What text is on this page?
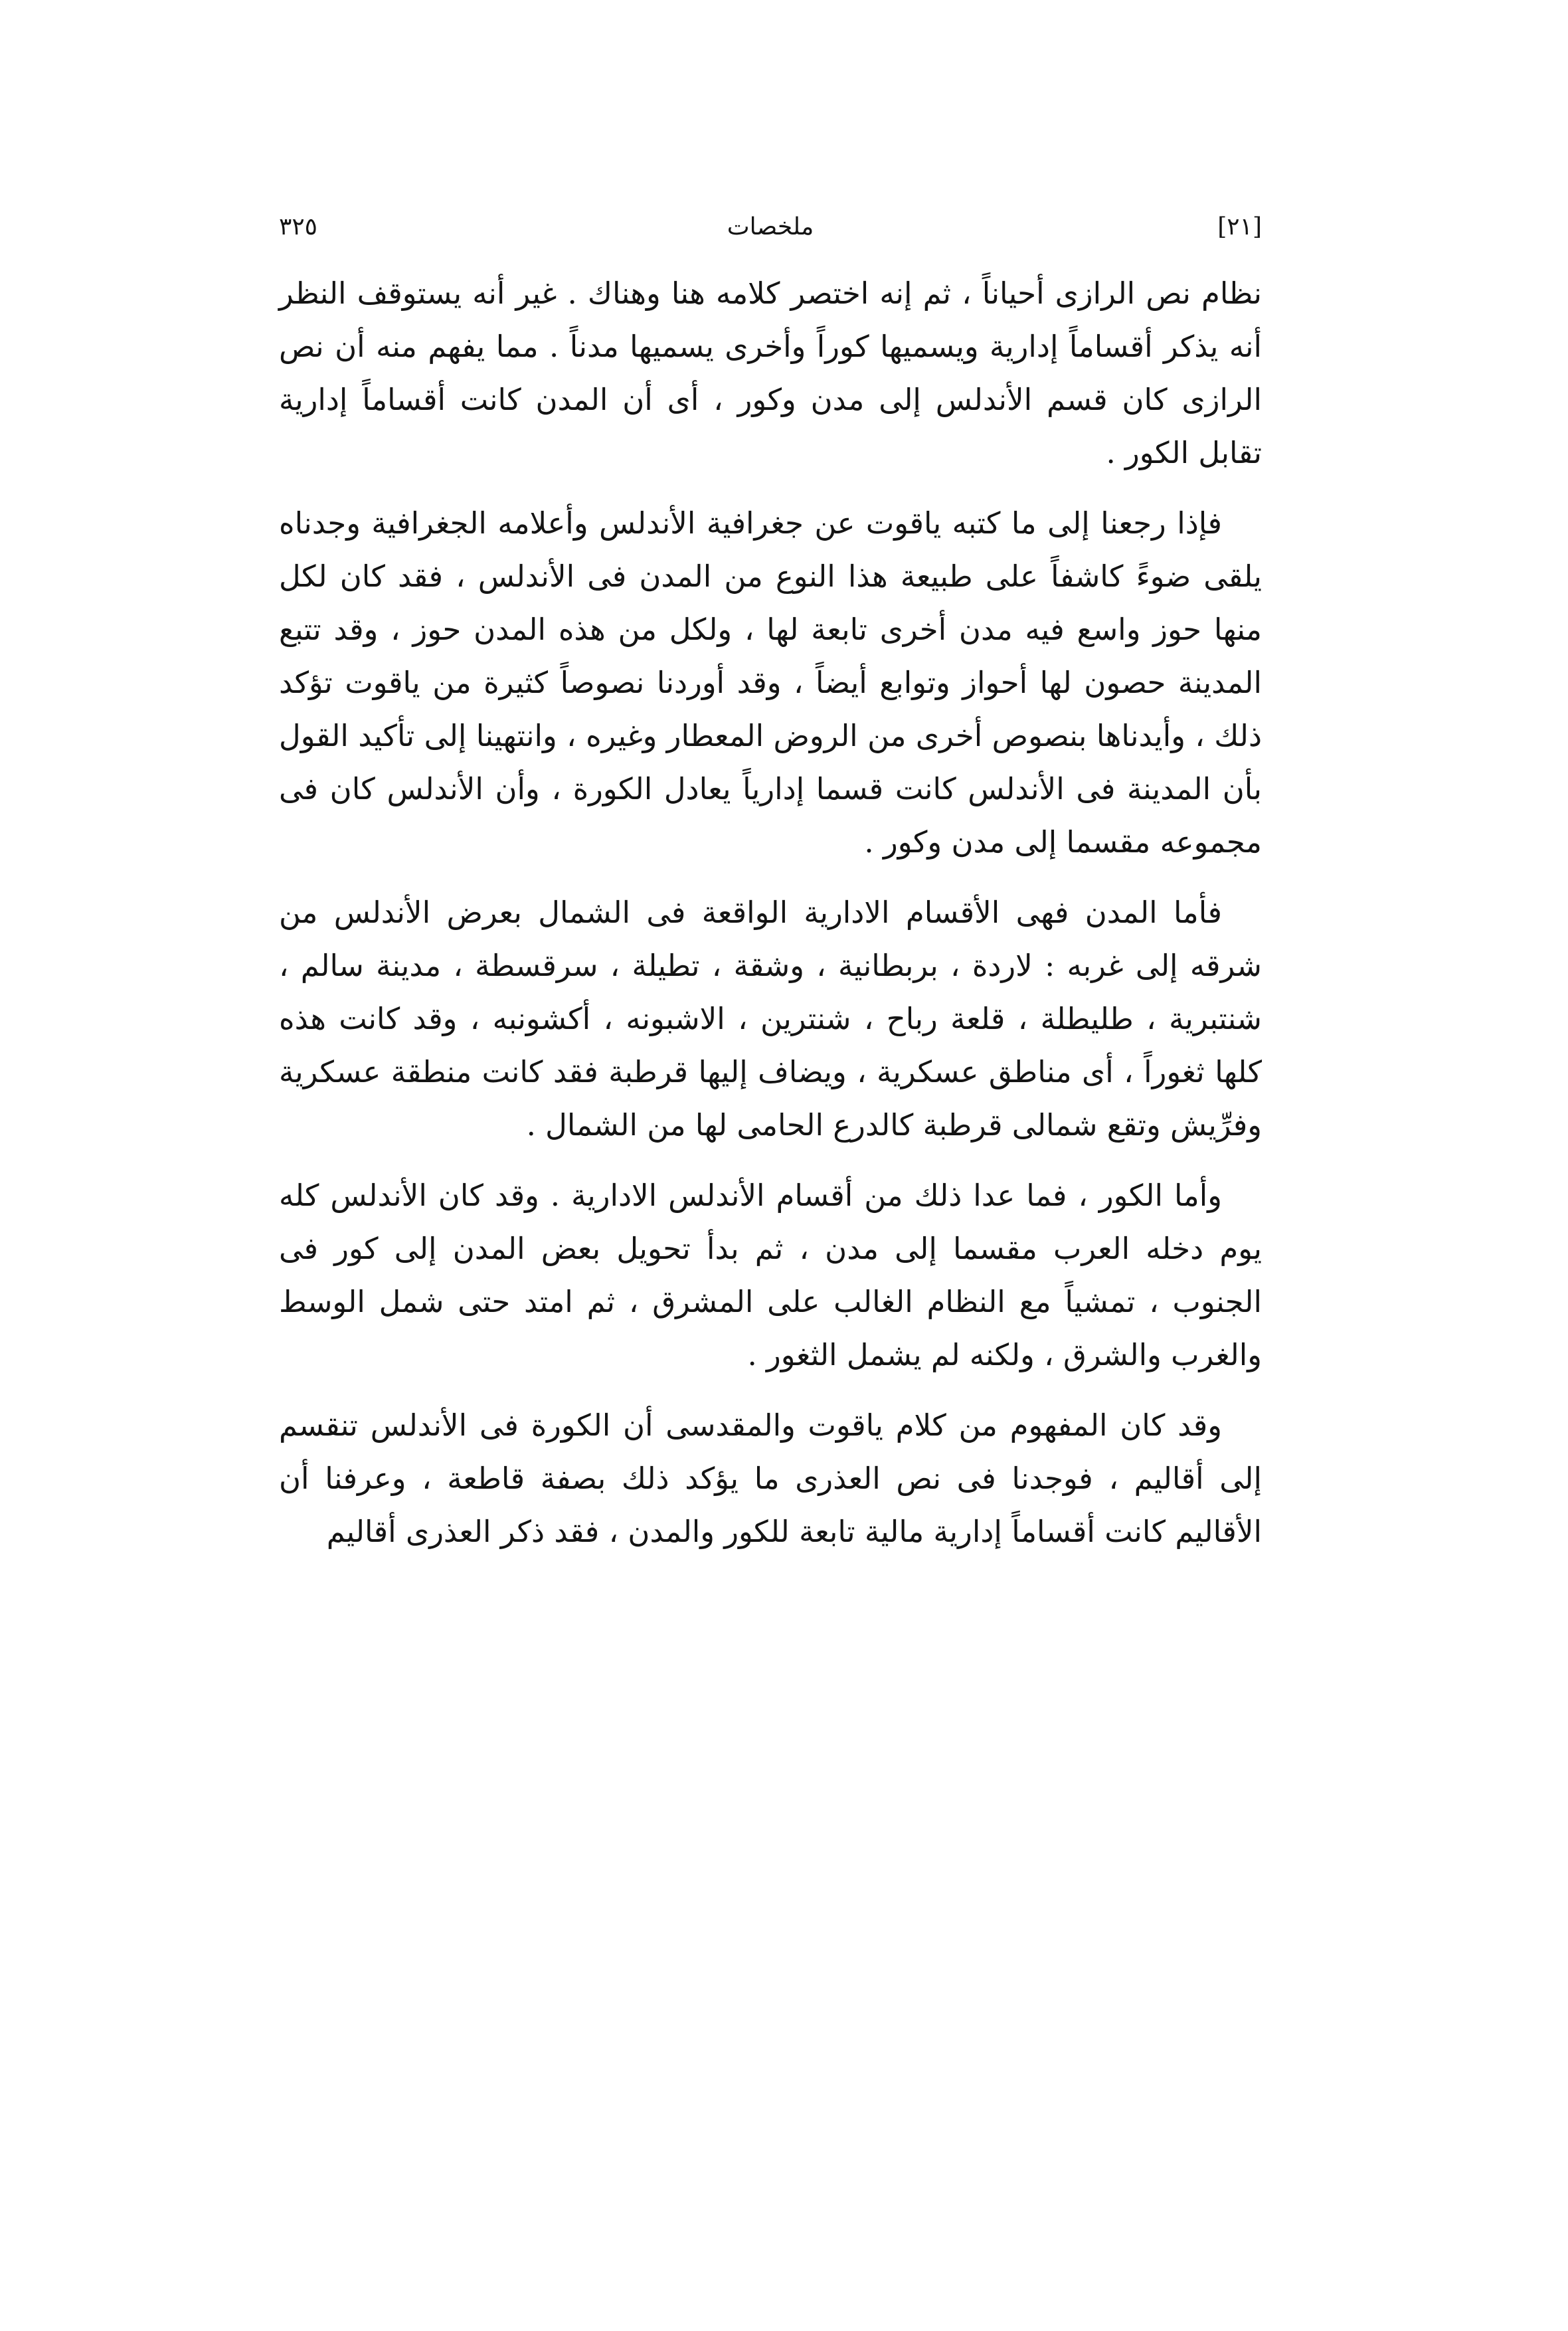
٣٢٥	ملخصات	[٢١]

نظام نص الرازى أحياناً ، ثم إنه اختصر كلامه هنا وهناك . غير أنه يستوقف النظر أنه يذكر أقساماً إدارية ويسميها كوراً وأخرى يسميها مدناً . مما يفهم منه أن نص الرازى كان قسم الأندلس إلى مدن وكور ، أى أن المدن كانت أقساماً إدارية تقابل الكور .

فإذا رجعنا إلى ما كتبه ياقوت عن جغرافية الأندلس وأعلامه الجغرافية وجدناه يلقى ضوءً كاشفاً على طبيعة هذا النوع من المدن فى الأندلس ، فقد كان لكل منها حوز واسع فيه مدن أخرى تابعة لها ، ولكل من هذه المدن حوز ، وقد تتبع المدينة حصون لها أحواز وتوابع أيضاً ، وقد أوردنا نصوصاً كثيرة من ياقوت تؤكد ذلك ، وأيدناها بنصوص أخرى من الروض المعطار وغيره ، وانتهينا إلى تأكيد القول بأن المدينة فى الأندلس كانت قسما إدارياً يعادل الكورة ، وأن الأندلس كان فى مجموعه مقسما إلى مدن وكور .

فأما المدن فهى الأقسام الادارية الواقعة فى الشمال بعرض الأندلس من شرقه إلى غربه : لاردة ، بربطانية ، وشقة ، تطيلة ، سرقسطة ، مدينة سالم ، شنتبرية ، طليطلة ، قلعة رباح ، شنترين ، الاشبونه ، أكشونبه ، وقد كانت هذه كلها ثغوراً ، أى مناطق عسكرية ، ويضاف إليها قرطبة فقد كانت منطقة عسكرية وفرِّيش وتقع شمالى قرطبة كالدرع الحامى لها من الشمال .

وأما الكور ، فما عدا ذلك من أقسام الأندلس الادارية . وقد كان الأندلس كله يوم دخله العرب مقسما إلى مدن ، ثم بدأ تحويل بعض المدن إلى كور فى الجنوب ، تمشياً مع النظام الغالب على المشرق ، ثم امتد حتى شمل الوسط والغرب والشرق ، ولكنه لم يشمل الثغور .

وقد كان المفهوم من كلام ياقوت والمقدسى أن الكورة فى الأندلس تنقسم إلى أقاليم ، فوجدنا فى نص العذرى ما يؤكد ذلك بصفة قاطعة ، وعرفنا أن الأقاليم كانت أقساماً إدارية مالية تابعة للكور والمدن ، فقد ذكر العذرى أقاليم
